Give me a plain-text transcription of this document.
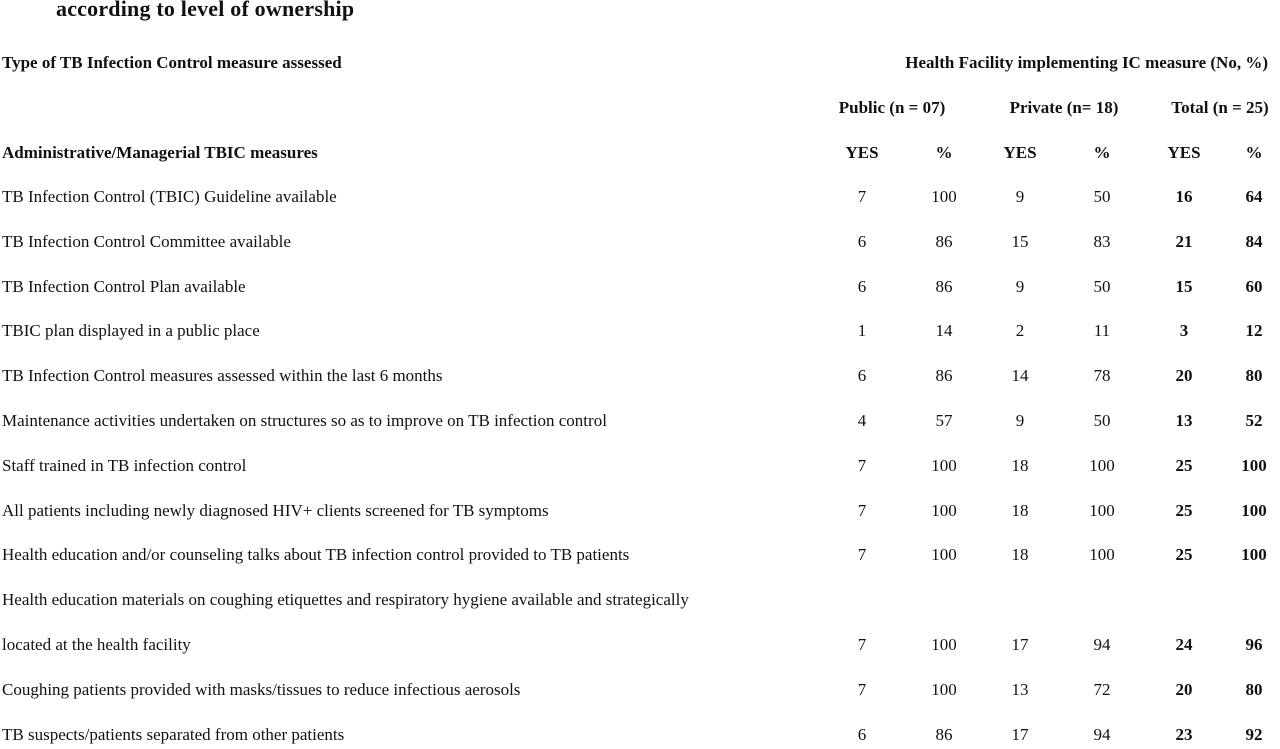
according to level of ownership
Type of TB Infection Control measure assessed	Health Facility implementing IC measure (No, %)
Public (n = 07)	Private (n= 18)	Total (n = 25)
Administrative/Managerial TBIC measures	YES	%	YES	%	YES	%
TB Infection Control (TBIC) Guideline available	7	100	9	50	16	64
TB Infection Control Committee available	6	86	15	83	21	84
TB Infection Control Plan available	6	86	9	50	15	60
TBIC plan displayed in a public place	1	14	2	11	3	12
TB Infection Control measures assessed within the last 6 months	6	86	14	78	20	80
Maintenance activities undertaken on structures so as to improve on TB infection control	4	57	9	50	13	52
Staff trained in TB infection control	7	100	18	100	25	100
All patients including newly diagnosed HIV+ clients screened for TB symptoms	7	100	18	100	25	100
Health education and/or counseling talks about TB infection control provided to TB patients	7	100	18	100	25	100
Health education materials on coughing etiquettes and respiratory hygiene available and strategically
located at the health facility	7	100	17	94	24	96
Coughing patients provided with masks/tissues to reduce infectious aerosols	7	100	13	72	20	80
TB suspects/patients separated from other patients	6	86	17	94	23	92
